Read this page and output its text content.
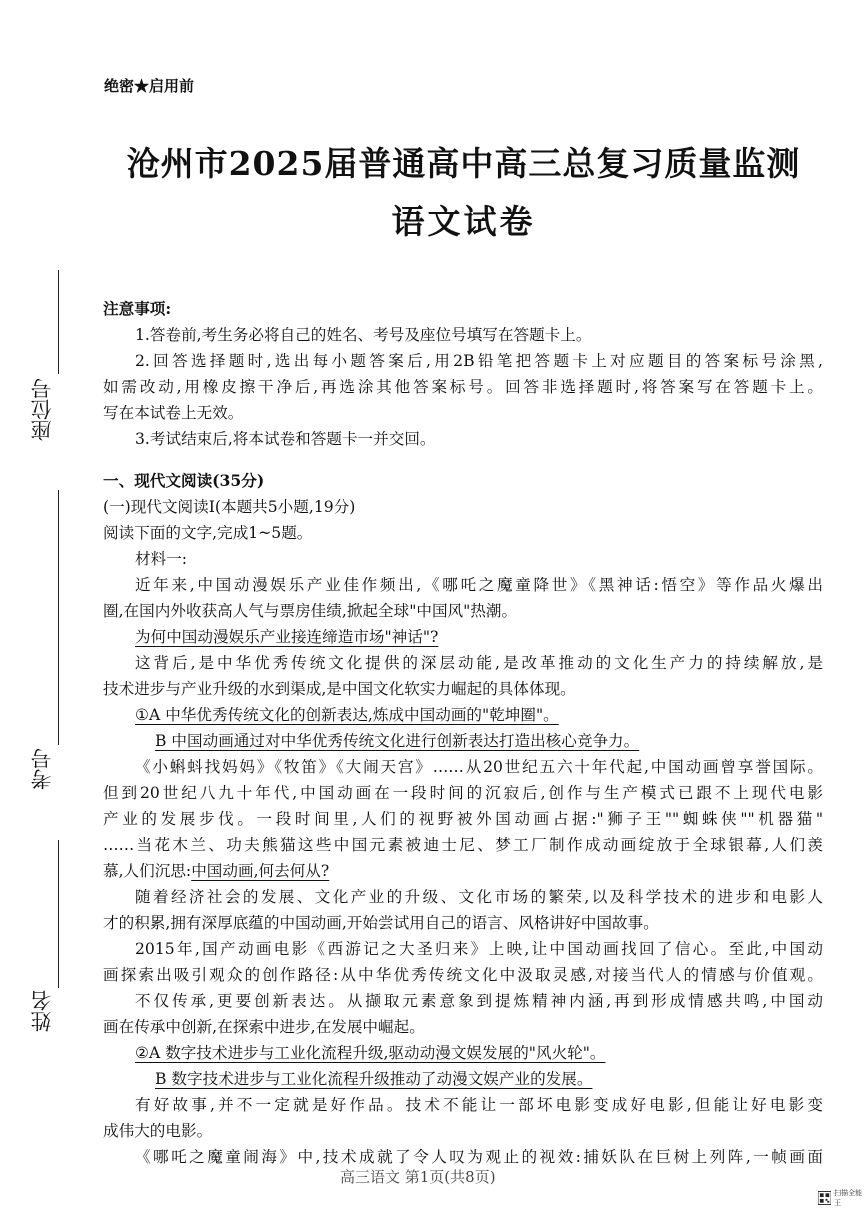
座位号
考号
姓名
绝密★启用前
沧州市2025届普通高中高三总复习质量监测
语文试卷
注意事项:
1.答卷前,考生务必将自己的姓名、考号及座位号填写在答题卡上。
2.回答选择题时,选出每小题答案后,用2B铅笔把答题卡上对应题目的答案标号涂黑,
如需改动,用橡皮擦干净后,再选涂其他答案标号。回答非选择题时,将答案写在答题卡上。
写在本试卷上无效。
3.考试结束后,将本试卷和答题卡一并交回。
一、现代文阅读(35分)
(一)现代文阅读Ⅰ(本题共5小题,19分)
阅读下面的文字,完成1~5题。
材料一:
近年来,中国动漫娱乐产业佳作频出,《哪吒之魔童降世》《黑神话:悟空》等作品火爆出
圈,在国内外收获高人气与票房佳绩,掀起全球"中国风"热潮。
为何中国动漫娱乐产业接连缔造市场"神话"?
这背后,是中华优秀传统文化提供的深层动能,是改革推动的文化生产力的持续解放,是
技术进步与产业升级的水到渠成,是中国文化软实力崛起的具体体现。
①A 中华优秀传统文化的创新表达,炼成中国动画的"乾坤圈"。
B 中国动画通过对中华优秀传统文化进行创新表达打造出核心竞争力。
《小蝌蚪找妈妈》《牧笛》《大闹天宫》……从20世纪五六十年代起,中国动画曾享誉国际。
但到20世纪八九十年代,中国动画在一段时间的沉寂后,创作与生产模式已跟不上现代电影
产业的发展步伐。一段时间里,人们的视野被外国动画占据:"狮子王""蜘蛛侠""机器猫"
……当花木兰、功夫熊猫这些中国元素被迪士尼、梦工厂制作成动画绽放于全球银幕,人们羡
慕,人们沉思:中国动画,何去何从?
随着经济社会的发展、文化产业的升级、文化市场的繁荣,以及科学技术的进步和电影人
才的积累,拥有深厚底蕴的中国动画,开始尝试用自己的语言、风格讲好中国故事。
2015年,国产动画电影《西游记之大圣归来》上映,让中国动画找回了信心。至此,中国动
画探索出吸引观众的创作路径:从中华优秀传统文化中汲取灵感,对接当代人的情感与价值观。
不仅传承,更要创新表达。从撷取元素意象到提炼精神内涵,再到形成情感共鸣,中国动
画在传承中创新,在探索中进步,在发展中崛起。
②A 数字技术进步与工业化流程升级,驱动动漫文娱发展的"风火轮"。
B 数字技术进步与工业化流程升级推动了动漫文娱产业的发展。
有好故事,并不一定就是好作品。技术不能让一部坏电影变成好电影,但能让好电影变
成伟大的电影。
《哪吒之魔童闹海》中,技术成就了令人叹为观止的视效:捕妖队在巨树上列阵,一帧画面
高三语文 第1页(共8页)
扫描全能王
